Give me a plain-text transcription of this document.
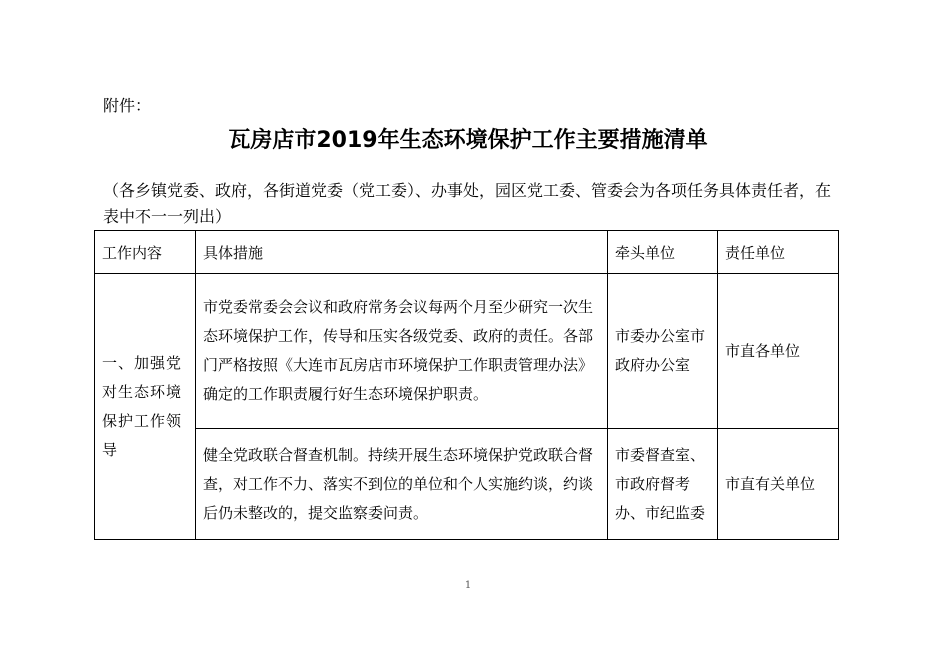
附件：
瓦房店市2019年生态环境保护工作主要措施清单
（各乡镇党委、政府，各街道党委（党工委）、办事处，园区党工委、管委会为各项任务具体责任者，在表中不一一列出）
工作内容	具体措施	牵头单位	责任单位
一、加强党对生态环境保护工作领导	市党委常委会会议和政府常务会议每两个月至少研究一次生态环境保护工作，传导和压实各级党委、政府的责任。各部门严格按照《大连市瓦房店市环境保护工作职责管理办法》确定的工作职责履行好生态环境保护职责。	市委办公室市政府办公室	市直各单位
	健全党政联合督查机制。持续开展生态环境保护党政联合督查，对工作不力、落实不到位的单位和个人实施约谈，约谈后仍未整改的，提交监察委问责。	市委督查室、市政府督考办、市纪监委	市直有关单位
1
